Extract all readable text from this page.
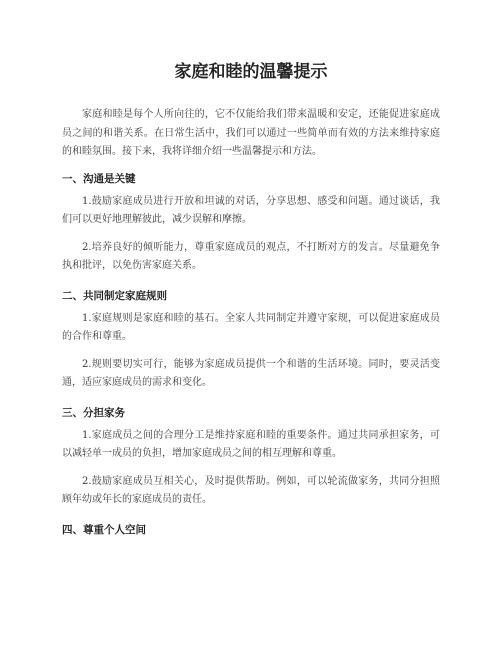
家庭和睦的温馨提示

家庭和睦是每个人所向往的，它不仅能给我们带来温暖和安定，还能促进家庭成员之间的和谐关系。在日常生活中，我们可以通过一些简单而有效的方法来维持家庭的和睦氛围。接下来，我将详细介绍一些温馨提示和方法。

一、沟通是关键

1.鼓励家庭成员进行开放和坦诚的对话，分享思想、感受和问题。通过谈话，我们可以更好地理解彼此，减少误解和摩擦。

2.培养良好的倾听能力，尊重家庭成员的观点，不打断对方的发言。尽量避免争执和批评，以免伤害家庭关系。

二、共同制定家庭规则

1.家庭规则是家庭和睦的基石。全家人共同制定并遵守家规，可以促进家庭成员的合作和尊重。

2.规则要切实可行，能够为家庭成员提供一个和谐的生活环境。同时，要灵活变通，适应家庭成员的需求和变化。

三、分担家务

1.家庭成员之间的合理分工是维持家庭和睦的重要条件。通过共同承担家务，可以减轻单一成员的负担，增加家庭成员之间的相互理解和尊重。

2.鼓励家庭成员互相关心，及时提供帮助。例如，可以轮流做家务，共同分担照顾年幼或年长的家庭成员的责任。

四、尊重个人空间
